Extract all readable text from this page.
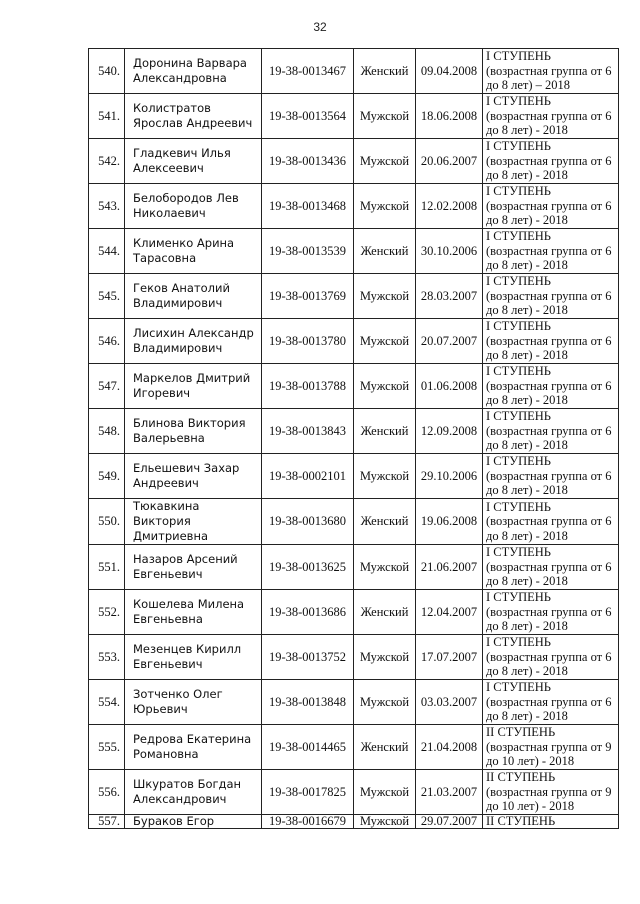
32
540.	Доронина Варвара Александровна	19-38-0013467	Женский	09.04.2008	I СТУПЕНЬ (возрастная группа от 6 до 8 лет) – 2018
541.	Колистратов Ярослав Андреевич	19-38-0013564	Мужской	18.06.2008	I СТУПЕНЬ (возрастная группа от 6 до 8 лет) - 2018
542.	Гладкевич Илья Алексеевич	19-38-0013436	Мужской	20.06.2007	I СТУПЕНЬ (возрастная группа от 6 до 8 лет) - 2018
543.	Белобородов Лев Николаевич	19-38-0013468	Мужской	12.02.2008	I СТУПЕНЬ (возрастная группа от 6 до 8 лет) - 2018
544.	Клименко Арина Тарасовна	19-38-0013539	Женский	30.10.2006	I СТУПЕНЬ (возрастная группа от 6 до 8 лет) - 2018
545.	Геков Анатолий Владимирович	19-38-0013769	Мужской	28.03.2007	I СТУПЕНЬ (возрастная группа от 6 до 8 лет) - 2018
546.	Лисихин Александр Владимирович	19-38-0013780	Мужской	20.07.2007	I СТУПЕНЬ (возрастная группа от 6 до 8 лет) - 2018
547.	Маркелов Дмитрий Игоревич	19-38-0013788	Мужской	01.06.2008	I СТУПЕНЬ (возрастная группа от 6 до 8 лет) - 2018
548.	Блинова Виктория Валерьевна	19-38-0013843	Женский	12.09.2008	I СТУПЕНЬ (возрастная группа от 6 до 8 лет) - 2018
549.	Ельешевич Захар Андреевич	19-38-0002101	Мужской	29.10.2006	I СТУПЕНЬ (возрастная группа от 6 до 8 лет) - 2018
550.	Тюкавкина Виктория Дмитриевна	19-38-0013680	Женский	19.06.2008	I СТУПЕНЬ (возрастная группа от 6 до 8 лет) - 2018
551.	Назаров Арсений Евгеньевич	19-38-0013625	Мужской	21.06.2007	I СТУПЕНЬ (возрастная группа от 6 до 8 лет) - 2018
552.	Кошелева Милена Евгеньевна	19-38-0013686	Женский	12.04.2007	I СТУПЕНЬ (возрастная группа от 6 до 8 лет) - 2018
553.	Мезенцев Кирилл Евгеньевич	19-38-0013752	Мужской	17.07.2007	I СТУПЕНЬ (возрастная группа от 6 до 8 лет) - 2018
554.	Зотченко Олег Юрьевич	19-38-0013848	Мужской	03.03.2007	I СТУПЕНЬ (возрастная группа от 6 до 8 лет) - 2018
555.	Редрова Екатерина Романовна	19-38-0014465	Женский	21.04.2008	II СТУПЕНЬ (возрастная группа от 9 до 10 лет) - 2018
556.	Шкуратов Богдан Александрович	19-38-0017825	Мужской	21.03.2007	II СТУПЕНЬ (возрастная группа от 9 до 10 лет) - 2018
557.	Бураков Егор	19-38-0016679	Мужской	29.07.2007	II СТУПЕНЬ
